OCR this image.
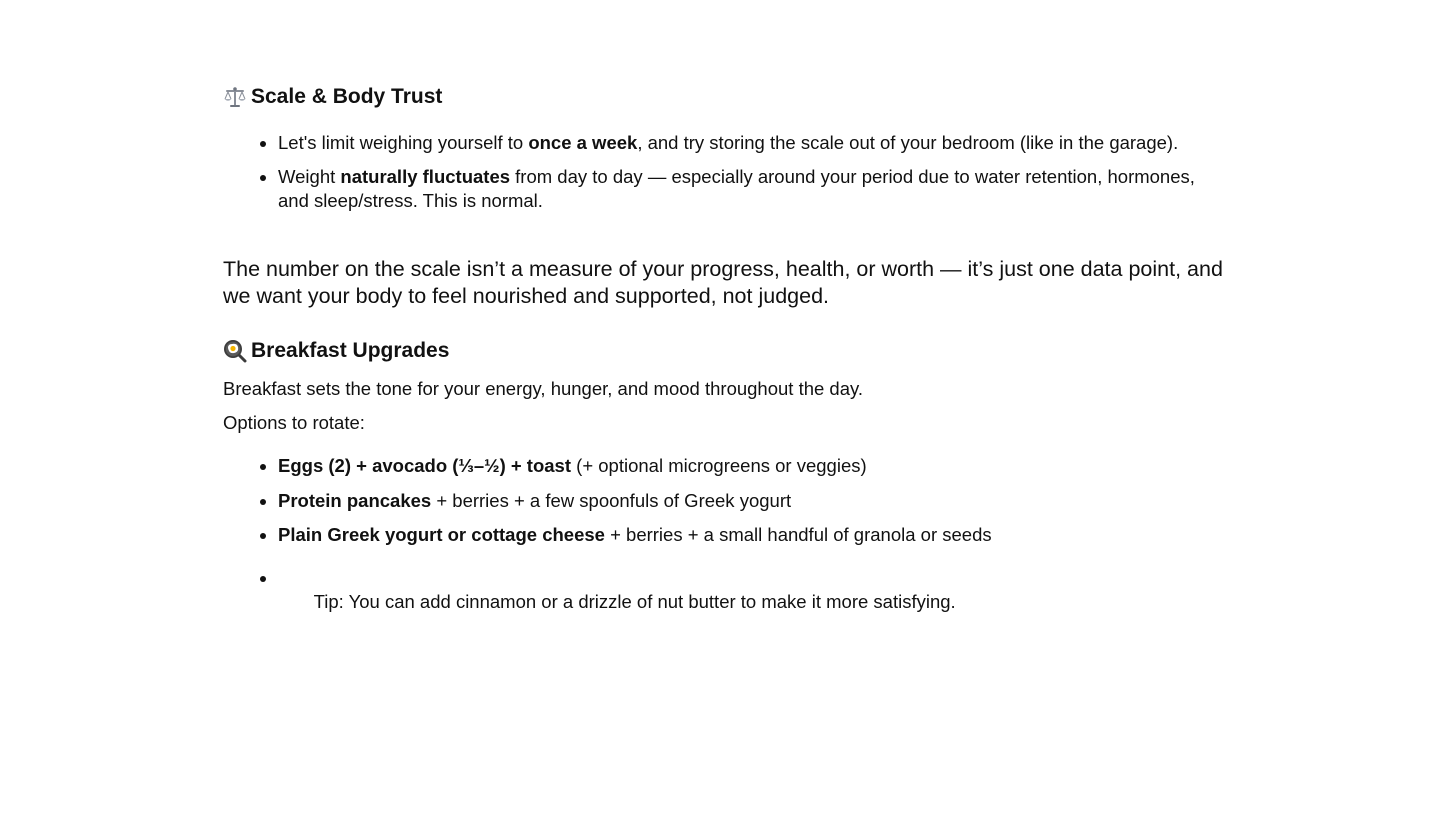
Scale & Body Trust
Let's limit weighing yourself to once a week, and try storing the scale out of your bedroom (like in the garage).
Weight naturally fluctuates from day to day — especially around your period due to water retention, hormones, and sleep/stress. This is normal.

The number on the scale isn’t a measure of your progress, health, or worth — it’s just one data point, and we want your body to feel nourished and supported, not judged.

Breakfast Upgrades

Breakfast sets the tone for your energy, hunger, and mood throughout the day.

Options to rotate:

Eggs (2) + avocado (⅓–½) + toast (+ optional microgreens or veggies)
Protein pancakes + berries + a few spoonfuls of Greek yogurt
Plain Greek yogurt or cottage cheese + berries + a small handful of granola or seeds

Tip: You can add cinnamon or a drizzle of nut butter to make it more satisfying.
